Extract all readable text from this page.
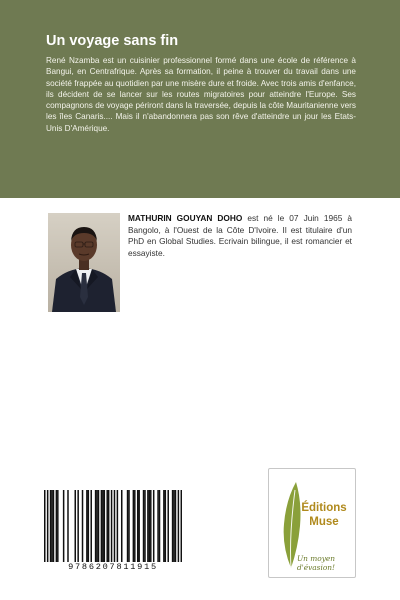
Un voyage sans fin
René Nzamba est un cuisinier professionnel formé dans une école de référence à Bangui, en Centrafrique. Après sa formation, il peine à trouver du travail dans une société frappée au quotidien par une misère dure et froide. Avec trois amis d'enfance, ils décident de se lancer sur les routes migratoires pour atteindre l'Europe. Ses compagnons de voyage périront dans la traversée, depuis la côte Mauritanienne vers les îles Canaris.... Mais il n'abandonnera pas son rêve d'atteindre un jour les Etats-Unis D'Amérique.
MATHURIN GOUYAN DOHO est né le 07 Juin 1965 à Bangolo, à l'Ouest de la Côte D'Ivoire. Il est titulaire d'un PhD en Global Studies. Ecrivain bilingue, il est romancier et essayiste.
9786207811915
Éditions
Muse
Un moyen d'évasion!
